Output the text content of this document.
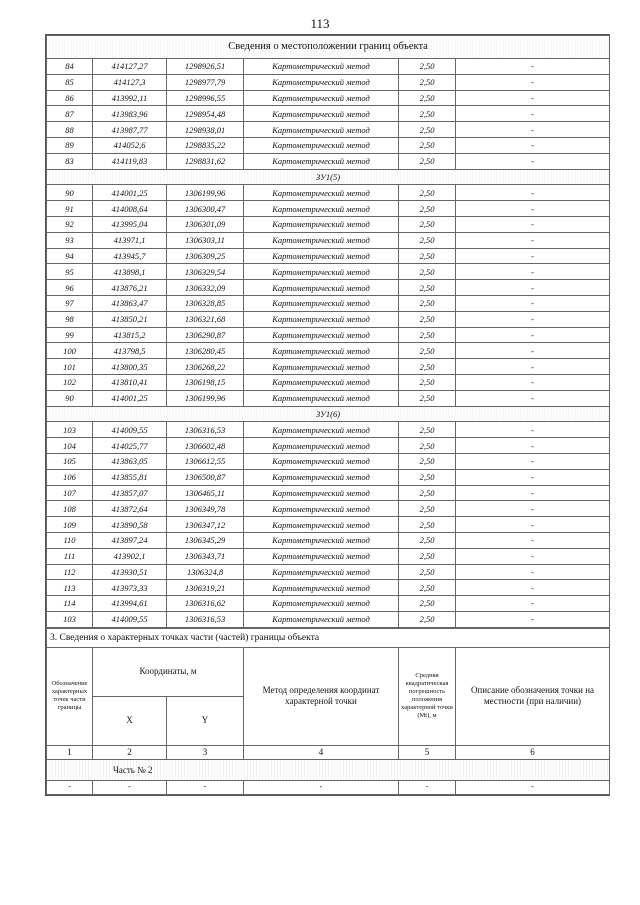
113
Сведения о местоположении границ объекта					
84	414127,27	1298926,51	Картометрический метод	2,50	-
85	414127,3	1298977,79	Картометрический метод	2,50	-
86	413992,11	1298996,55	Картометрический метод	2,50	-
87	413983,96	1298954,48	Картометрический метод	2,50	-
88	413987,77	1298938,01	Картометрический метод	2,50	-
89	414052,6	1298835,22	Картометрический метод	2,50	-
83	414119,83	1298831,62	Картометрический метод	2,50	-
ЗУ1(5)					
90	414001,25	1306199,96	Картометрический метод	2,50	-
91	414008,64	1306300,47	Картометрический метод	2,50	-
92	413995,04	1306301,09	Картометрический метод	2,50	-
93	413971,1	1306303,11	Картометрический метод	2,50	-
94	413945,7	1306309,25	Картометрический метод	2,50	-
95	413898,1	1306329,54	Картометрический метод	2,50	-
96	413876,21	1306332,09	Картометрический метод	2,50	-
97	413863,47	1306328,85	Картометрический метод	2,50	-
98	413850,21	1306321,68	Картометрический метод	2,50	-
99	413815,2	1306290,87	Картометрический метод	2,50	-
100	413798,5	1306280,45	Картометрический метод	2,50	-
101	413800,35	1306268,22	Картометрический метод	2,50	-
102	413810,41	1306198,15	Картометрический метод	2,50	-
90	414001,25	1306199,96	Картометрический метод	2,50	-
ЗУ1(6)					
103	414009,55	1306316,53	Картометрический метод	2,50	-
104	414025,77	1306602,48	Картометрический метод	2,50	-
105	413863,05	1306612,55	Картометрический метод	2,50	-
106	413855,81	1306500,87	Картометрический метод	2,50	-
107	413857,07	1306465,11	Картометрический метод	2,50	-
108	413872,64	1306349,78	Картометрический метод	2,50	-
109	413890,58	1306347,12	Картометрический метод	2,50	-
110	413897,24	1306345,29	Картометрический метод	2,50	-
111	413902,1	1306343,71	Картометрический метод	2,50	-
112	413930,51	1306324,8	Картометрический метод	2,50	-
113	413973,33	1306319,21	Картометрический метод	2,50	-
114	413994,61	1306316,62	Картометрический метод	2,50	-
103	414009,55	1306316,53	Картометрический метод	2,50	-
3. Сведения о характерных точках части (частей) границы объекта					
Обозначение характерных точек части границы	Координаты, м		Метод определения координат характерной точки	Средняя квадратическая погрешность положения характерной точки (Mt), м	Описание обозначения точки на местности (при наличии)
	X	Y			
1	2	3	4	5	6
Часть № 2					
-	-	-	-	-	-
